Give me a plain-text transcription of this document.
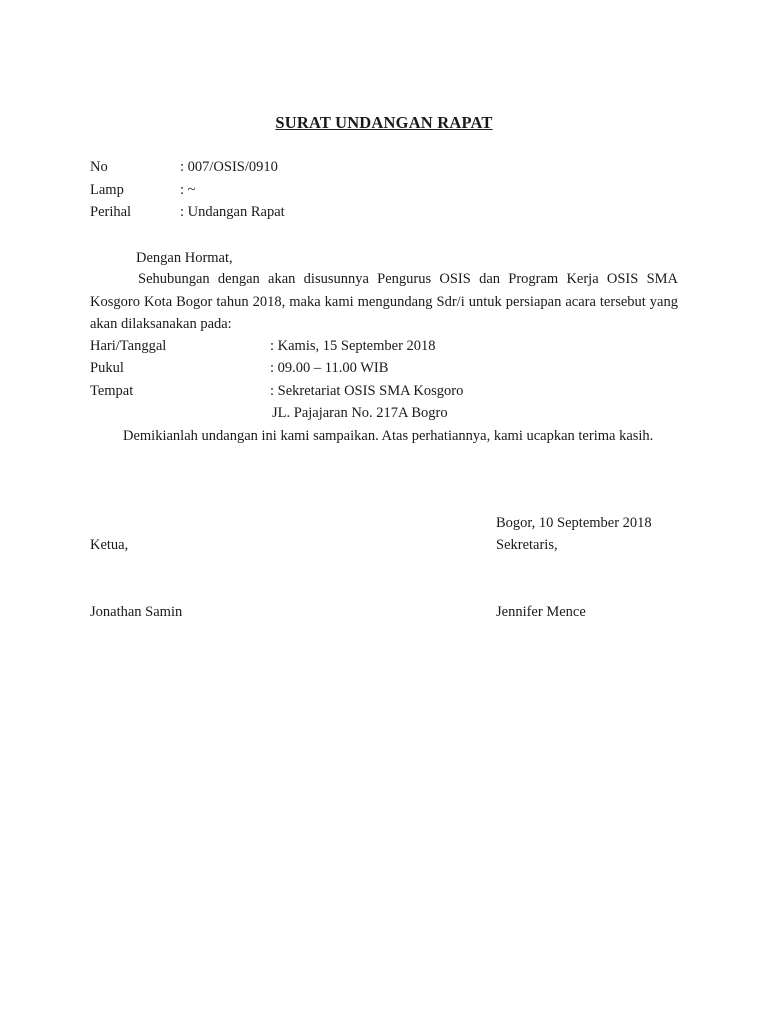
SURAT UNDANGAN RAPAT
No	: 007/OSIS/0910
Lamp	: ~
Perihal	: Undangan Rapat
Dengan Hormat,
Sehubungan dengan akan disusunnya Pengurus OSIS dan Program Kerja OSIS SMA Kosgoro Kota Bogor tahun 2018, maka kami mengundang Sdr/i untuk persiapan acara tersebut yang akan dilaksanakan pada:
Hari/Tanggal	: Kamis, 15 September 2018
Pukul	: 09.00 – 11.00 WIB
Tempat	: Sekretariat OSIS SMA Kosgoro
JL. Pajajaran No. 217A Bogro
Demikianlah undangan ini kami sampaikan. Atas perhatiannya, kami ucapkan terima kasih.
Bogor, 10 September 2018
Ketua,	Sekretaris,
Jonathan Samin	Jennifer Mence
